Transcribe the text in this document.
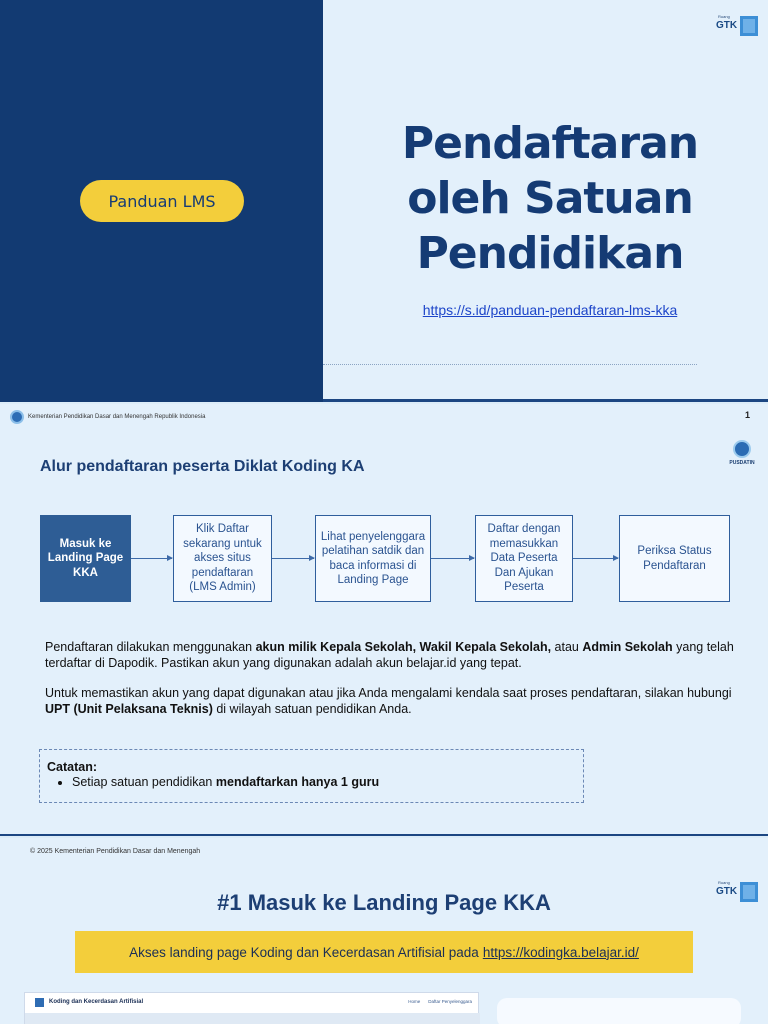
Panduan LMS
Pendaftaran
oleh Satuan
Pendidikan
https://s.id/panduan-pendaftaran-lms-kka
Ruang
GTK
Kementerian Pendidikan Dasar dan Menengah Republik Indonesia	1
PUSDATIN
Alur pendaftaran peserta Diklat Koding KA
Masuk ke Landing Page KKA
Klik Daftar sekarang untuk akses situs pendaftaran (LMS Admin)
Lihat penyelenggara pelatihan satdik dan baca informasi di Landing Page
Daftar dengan memasukkan Data Peserta Dan Ajukan Peserta
Periksa Status Pendaftaran

Pendaftaran dilakukan menggunakan akun milik Kepala Sekolah, Wakil Kepala Sekolah, atau Admin Sekolah yang telah terdaftar di Dapodik. Pastikan akun yang digunakan adalah akun belajar.id yang tepat.

Untuk memastikan akun yang dapat digunakan atau jika Anda mengalami kendala saat proses pendaftaran, silakan hubungi UPT (Unit Pelaksana Teknis) di wilayah satuan pendidikan Anda.

Catatan:
• Setiap satuan pendidikan mendaftarkan hanya 1 guru
© 2025 Kementerian Pendidikan Dasar dan Menengah
Ruang
GTK
#1 Masuk ke Landing Page KKA
Akses landing page Koding dan Kecerdasan Artifisial pada https://kodingka.belajar.id/
Koding dan Kecerdasan Artifisial	Home Daftar Penyelenggara
